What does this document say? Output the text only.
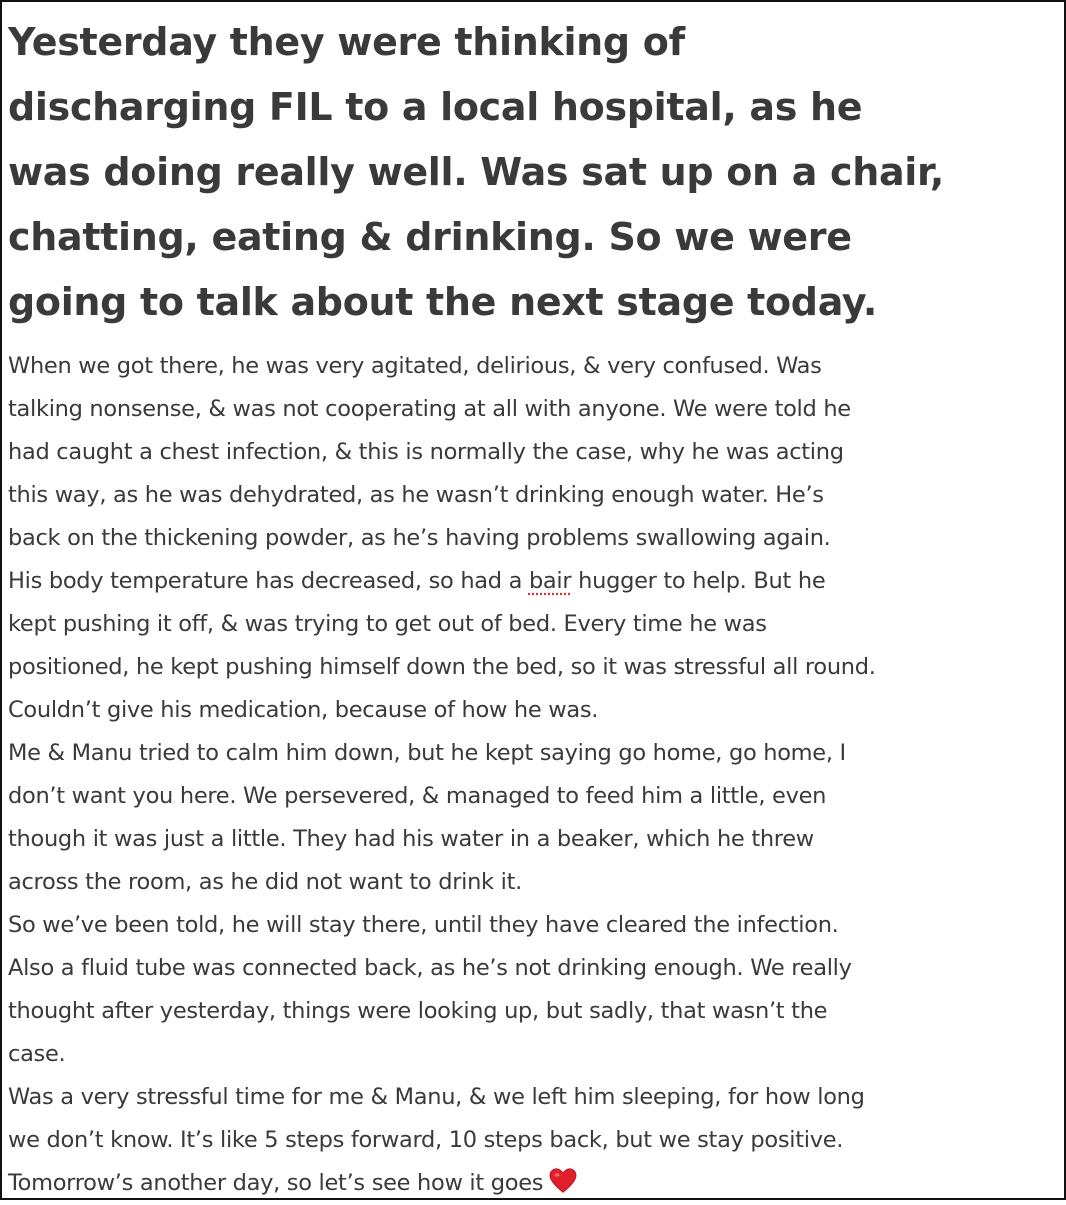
Yesterday they were thinking of
discharging FIL to a local hospital, as he
was doing really well. Was sat up on a chair,
chatting, eating & drinking. So we were
going to talk about the next stage today.
When we got there, he was very agitated, delirious, & very confused. Was
talking nonsense, & was not cooperating at all with anyone. We were told he
had caught a chest infection, & this is normally the case, why he was acting
this way, as he was dehydrated, as he wasn’t drinking enough water. He’s
back on the thickening powder, as he’s having problems swallowing again.
His body temperature has decreased, so had a bair hugger to help. But he
kept pushing it off, & was trying to get out of bed. Every time he was
positioned, he kept pushing himself down the bed, so it was stressful all round.
Couldn’t give his medication, because of how he was.
Me & Manu tried to calm him down, but he kept saying go home, go home, I
don’t want you here. We persevered, & managed to feed him a little, even
though it was just a little. They had his water in a beaker, which he threw
across the room, as he did not want to drink it.
So we’ve been told, he will stay there, until they have cleared the infection.
Also a fluid tube was connected back, as he’s not drinking enough. We really
thought after yesterday, things were looking up, but sadly, that wasn’t the
case.
Was a very stressful time for me & Manu, & we left him sleeping, for how long
we don’t know. It’s like 5 steps forward, 10 steps back, but we stay positive.
Tomorrow’s another day, so let’s see how it goes
